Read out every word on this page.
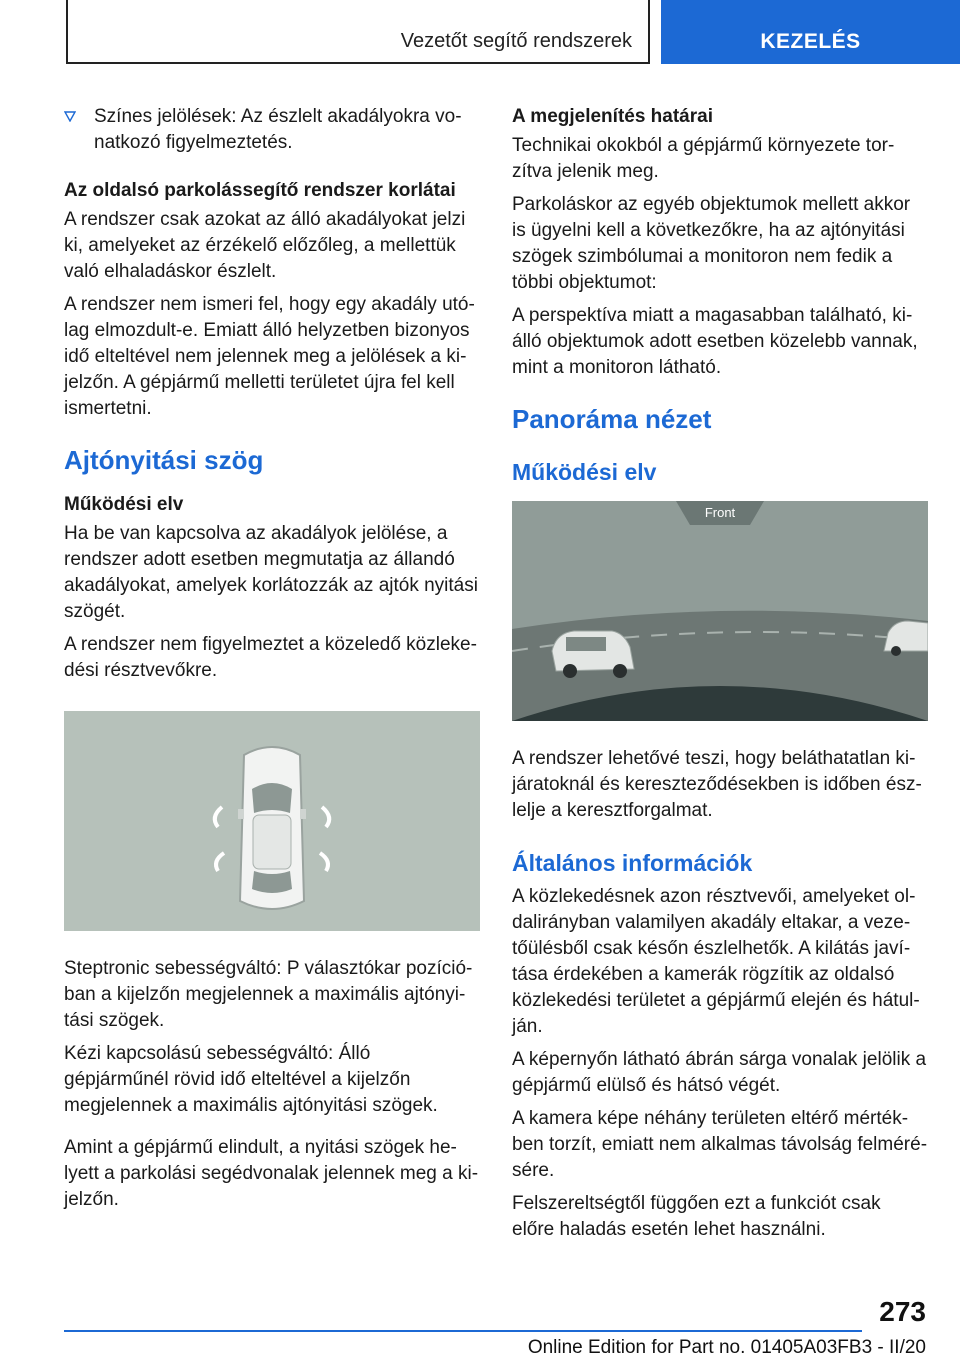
Vezetőt segítő rendszerek	KEZELÉS

Színes jelölések: Az észlelt akadályokra vonatkozó figyelmeztetés.

Az oldalsó parkolássegítő rendszer korlátai

A rendszer csak azokat az álló akadályokat jelzi ki, amelyeket az érzékelő előzőleg, a mellettük való elhaladáskor észlelt.

A rendszer nem ismeri fel, hogy egy akadály utólag elmozdult-e. Emiatt álló helyzetben bizonyos idő elteltével nem jelennek meg a jelölések a kijelzőn. A gépjármű melletti területet újra fel kell ismertetni.

Ajtónyitási szög
Működési elv

Ha be van kapcsolva az akadályok jelölése, a rendszer adott esetben megmutatja az állandó akadályokat, amelyek korlátozzák az ajtók nyitási szögét.

A rendszer nem figyelmeztet a közeledő közlekedési résztvevőkre.

Steptronic sebességváltó: P választókar pozícióban a kijelzőn megjelennek a maximális ajtónyitási szögek.

Kézi kapcsolású sebességváltó: Álló gépjárműnél rövid idő elteltével a kijelzőn megjelennek a maximális ajtónyitási szögek.

Amint a gépjármű elindult, a nyitási szögek helyett a parkolási segédvonalak jelennek meg a kijelzőn.

A megjelenítés határai

Technikai okokból a gépjármű környezete torzítva jelenik meg.

Parkoláskor az egyéb objektumok mellett akkor is ügyelni kell a következőkre, ha az ajtónyitási szögek szimbólumai a monitoron nem fedik a többi objektumot:

A perspektíva miatt a magasabban található, kiálló objektumok adott esetben közelebb vannak, mint a monitoron látható.

Panoráma nézet
Működési elv
Front

A rendszer lehetővé teszi, hogy beláthatatlan kijáratoknál és kereszteződésekben is időben észlelje a keresztforgalmat.

Általános információk

A közlekedésnek azon résztvevői, amelyeket oldalirányban valamilyen akadály eltakar, a vezetőülésből csak későn észlelhetők. A kilátás javítása érdekében a kamerák rögzítik az oldalsó közlekedési területet a gépjármű elején és hátulján.

A képernyőn látható ábrán sárga vonalak jelölik a gépjármű elülső és hátsó végét.

A kamera képe néhány területen eltérő mértékben torzít, emiatt nem alkalmas távolság felmérésére.

Felszereltségtől függően ezt a funkciót csak előre haladás esetén lehet használni.

273
Online Edition for Part no. 01405A03FB3 - II/20
